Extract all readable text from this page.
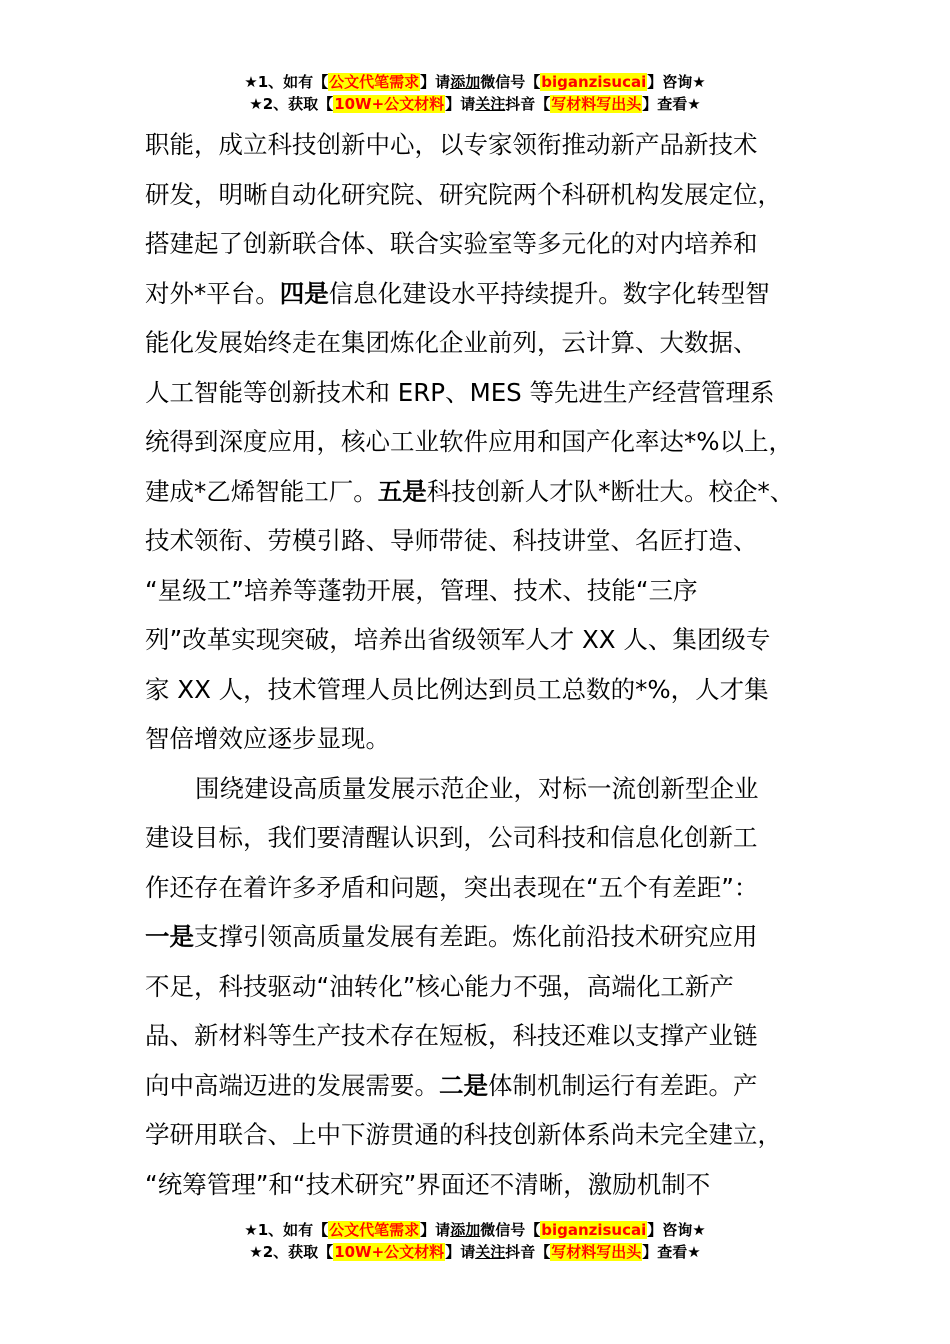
★1、如有【公文代笔需求】请添加微信号【biganzisucai】咨询★
★2、获取【10W+公文材料】请关注抖音【写材料写出头】查看★
职能，成立科技创新中心，以专家领衔推动新产品新技术
研发，明晰自动化研究院、研究院两个科研机构发展定位，
搭建起了创新联合体、联合实验室等多元化的对内培养和
对外*平台。四是信息化建设水平持续提升。数字化转型智
能化发展始终走在集团炼化企业前列，云计算、大数据、
人工智能等创新技术和 ERP、MES 等先进生产经营管理系
统得到深度应用，核心工业软件应用和国产化率达*%以上，
建成*乙烯智能工厂。五是科技创新人才队*断壮大。校企*、
技术领衔、劳模引路、导师带徒、科技讲堂、名匠打造、
“星级工”培养等蓬勃开展，管理、技术、技能“三序
列”改革实现突破，培养出省级领军人才 XX 人、集团级专
家 XX 人，技术管理人员比例达到员工总数的*%，人才集
智倍增效应逐步显现。
围绕建设高质量发展示范企业，对标一流创新型企业
建设目标，我们要清醒认识到，公司科技和信息化创新工
作还存在着许多矛盾和问题，突出表现在“五个有差距”：
一是支撑引领高质量发展有差距。炼化前沿技术研究应用
不足，科技驱动“油转化”核心能力不强，高端化工新产
品、新材料等生产技术存在短板，科技还难以支撑产业链
向中高端迈进的发展需要。二是体制机制运行有差距。产
学研用联合、上中下游贯通的科技创新体系尚未完全建立，
“统筹管理”和“技术研究”界面还不清晰，激励机制不
★1、如有【公文代笔需求】请添加微信号【biganzisucai】咨询★
★2、获取【10W+公文材料】请关注抖音【写材料写出头】查看★
